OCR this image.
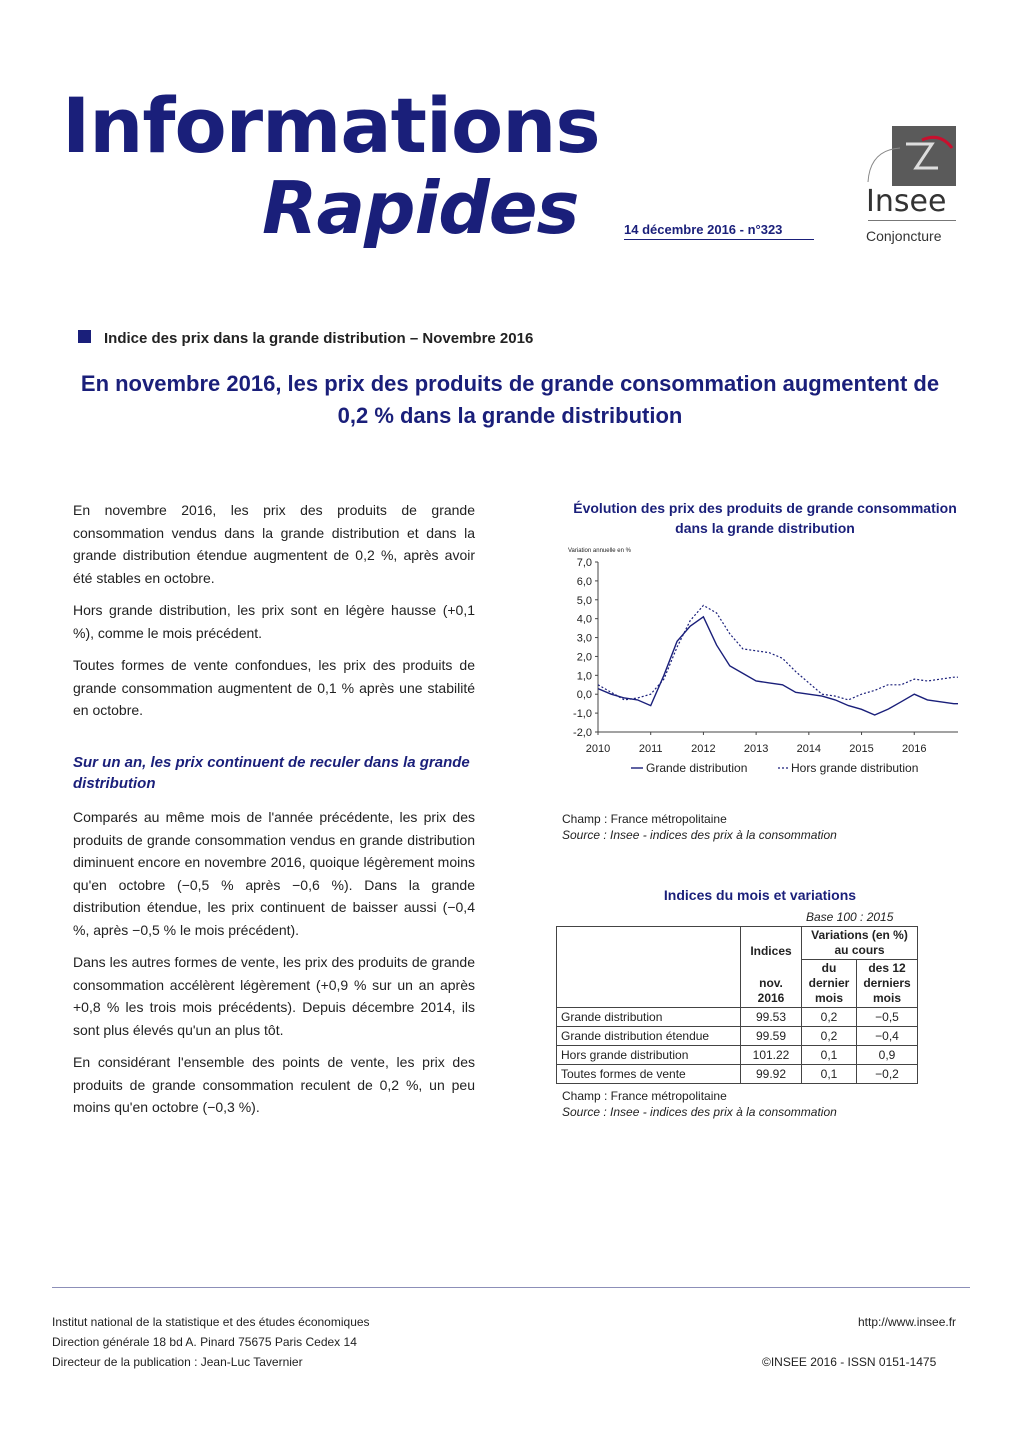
Informations
Rapides	14 décembre 2016 - n°323
Insee
Conjoncture
Indice des prix dans la grande distribution – Novembre 2016
En novembre 2016, les prix des produits de grande consommation augmentent de 0,2 % dans la grande distribution

En novembre 2016, les prix des produits de grande consommation vendus dans la grande distribution et dans la grande distribution étendue augmentent de 0,2 %, après avoir été stables en octobre.

Hors grande distribution, les prix sont en légère hausse (+0,1 %), comme le mois précédent.

Toutes formes de vente confondues, les prix des produits de grande consommation augmentent de 0,1 % après une stabilité en octobre.

Sur un an, les prix continuent de reculer dans la grande distribution

Comparés au même mois de l'année précédente, les prix des produits de grande consommation vendus en grande distribution diminuent encore en novembre 2016, quoique légèrement moins qu'en octobre (−0,5 % après −0,6 %). Dans la grande distribution étendue, les prix continuent de baisser aussi (−0,4 %, après −0,5 % le mois précédent).

Dans les autres formes de vente, les prix des produits de grande consommation accélèrent légèrement (+0,9 % sur un an après +0,8 % les trois mois précédents). Depuis décembre 2014, ils sont plus élevés qu'un an plus tôt.

En considérant l'ensemble des points de vente, les prix des produits de grande consommation reculent de 0,2 %, un peu moins qu'en octobre (−0,3 %).

Évolution des prix des produits de grande consommation dans la grande distribution
Variation annuelle en %
7,0
6,0
5,0
4,0
3,0
2,0
1,0
0,0
-1,0
-2,0
2010	2011	2012	2013	2014	2015	2016
Grande distribution	Hors grande distribution
Champ : France métropolitaine
Source : Insee - indices des prix à la consommation
Indices du mois et variations
Base 100 : 2015
	Indices	Variations (en %) au cours	
	nov. 2016	du dernier mois	des 12 derniers mois
Grande distribution	99.53	0,2	−0,5
Grande distribution étendue	99.59	0,2	−0,4
Hors grande distribution	101.22	0,1	0,9
Toutes formes de vente	99.92	0,1	−0,2
Champ : France métropolitaine
Source : Insee - indices des prix à la consommation
Institut national de la statistique et des études économiques
Direction générale 18 bd A. Pinard 75675 Paris Cedex 14
Directeur de la publication : Jean-Luc Tavernier
http://www.insee.fr
©INSEE 2016 - ISSN 0151-1475
